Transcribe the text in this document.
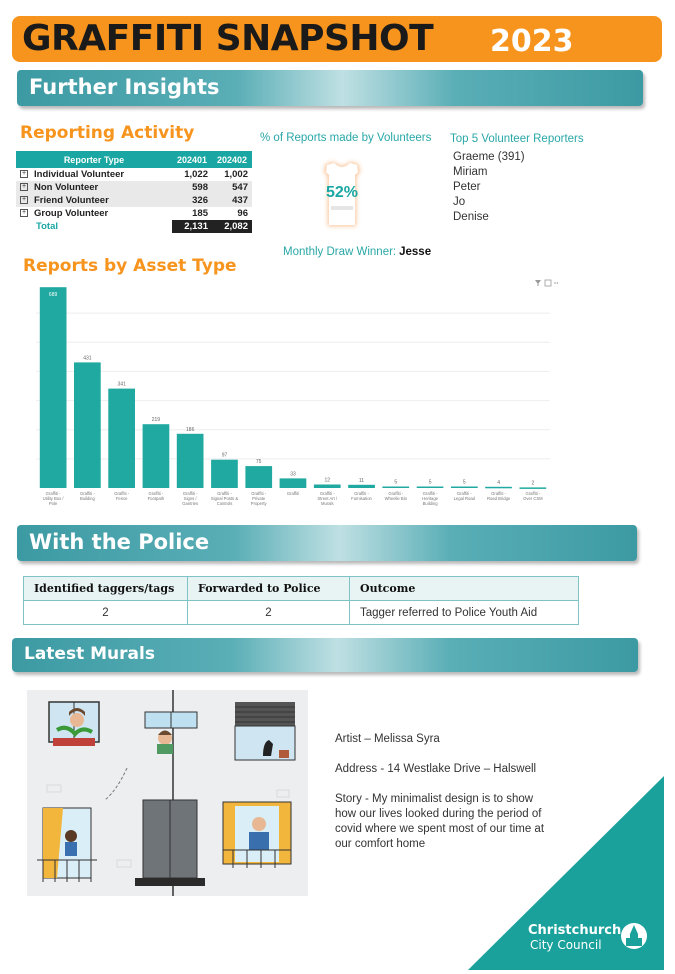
GRAFFITI SNAPSHOT 2023
Further Insights
Reporting Activity
Reporter Type	202401	202402
+ Individual Volunteer	1,022	1,002
+ Non Volunteer	598	547
+ Friend Volunteer	326	437
+ Group Volunteer	185	96
Total	2,131	2,082
% of Reports made by Volunteers
52%
Top 5 Volunteer Reporters
Graeme (391)
Miriam
Peter
Jo
Denise
Monthly Draw Winner: Jesse
Reports by Asset Type
689
Graffiti -Utility Box / Pole
431
Graffiti -Building
341
Graffiti -Fence
219
Graffiti -Footpath
186
Graffiti -Signs / Gantries
97
Graffiti -Signal Posts & Controls
75
Graffiti -Private Property
33
Graffiti
12
Graffiti -Street Art / Murals
11
Graffiti -Furnisation
5
Graffiti -Wheelie Bin
5
Graffiti -Heritage Building
5
Graffiti -Legal Road
4
Graffiti -Road Bridge
2
Graffiti -Over CSM
With the Police
Identified taggers/tags	Forwarded to Police	Outcome
2	2	Tagger referred to Police Youth Aid
Latest Murals

Artist – Melissa Syra

Address - 14 Westlake Drive – Halswell

Story - My minimalist design is to show how our lives looked during the period of covid where we spent most of our time at our comfort home

Christchurch
City Council
